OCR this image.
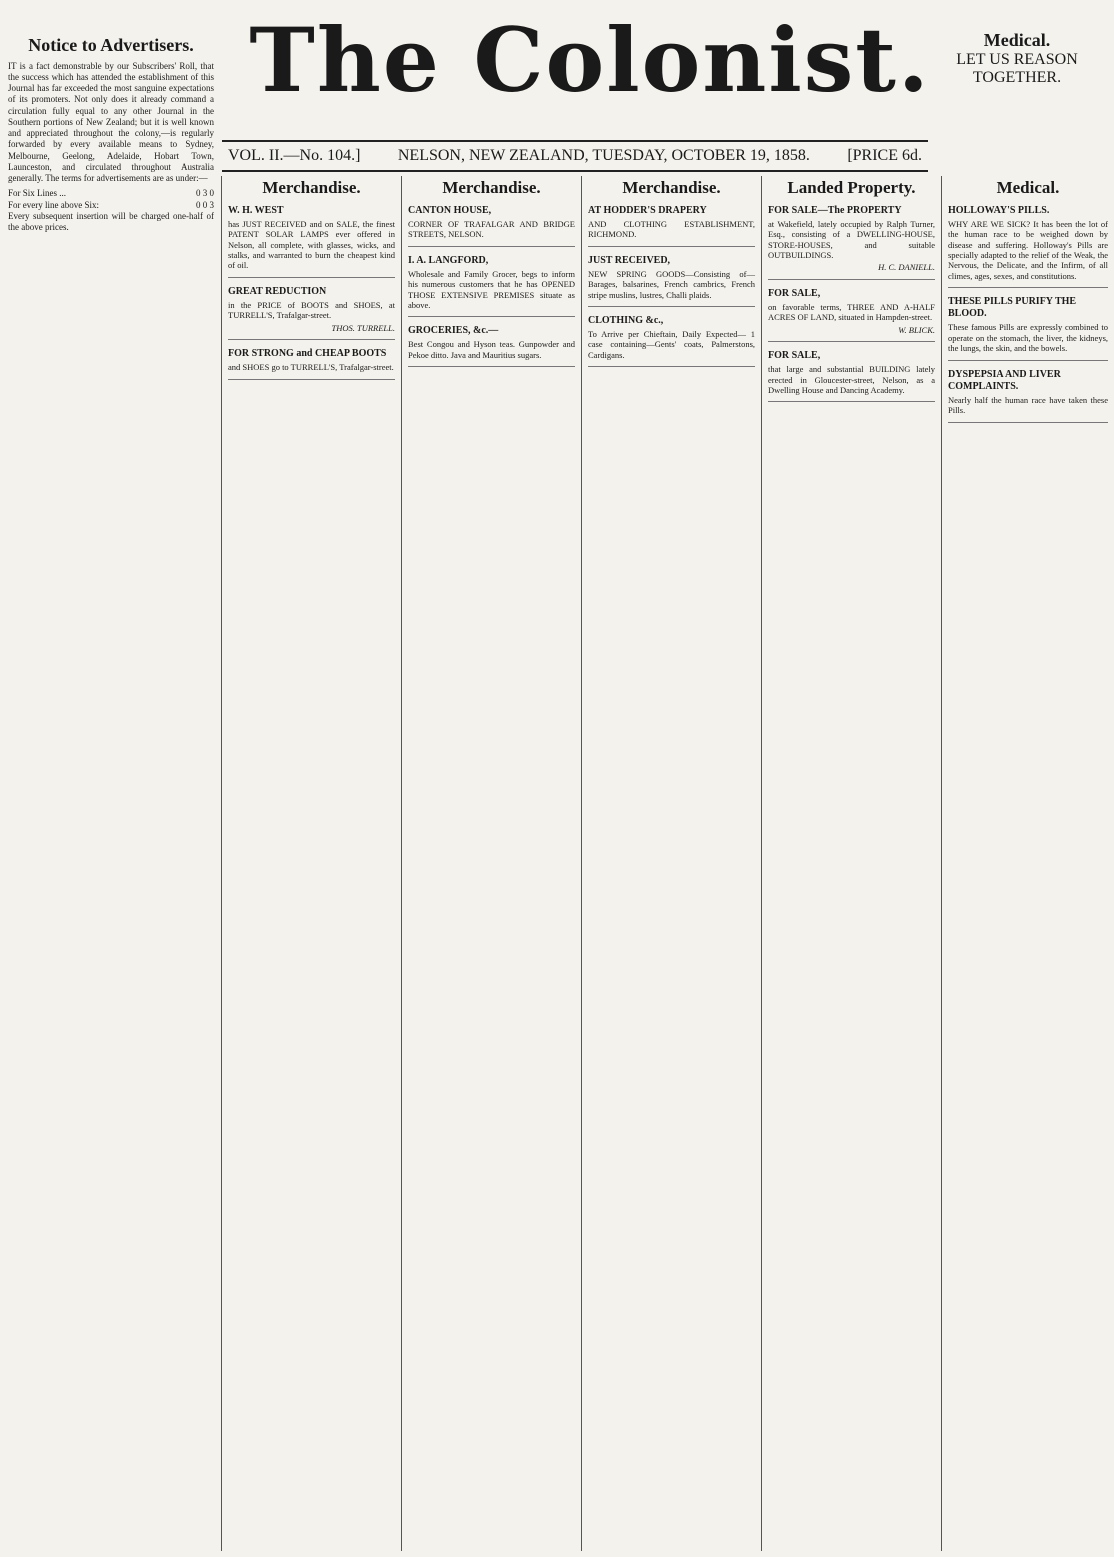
Notice to Advertisers.

IT is a fact demonstrable by our Subscribers' Roll, that the success which has attended the establishment of this Journal has far exceeded the most sanguine expectations of its promoters. Not only does it already command a circulation fully equal to any other Journal in the Southern portions of New Zealand; but it is well known and appreciated throughout the colony,—is regularly forwarded by every available means to Sydney, Melbourne, Geelong, Adelaide, Hobart Town, Launceston, and circulated throughout Australia generally. The terms for advertisements are as under:—

For Six Lines ...	0 3 0
For every line above Six:	0 0 3

Every subsequent insertion will be charged one-half of the above prices.

The Colonist.	Medical.
LET US REASON TOGETHER.
VOL. II.—No. 104.] NELSON, NEW ZEALAND, TUESDAY, OCTOBER 19, 1858. [PRICE 6d.
Merchandise.
W. H. WEST

has JUST RECEIVED and on SALE, the finest PATENT SOLAR LAMPS ever offered in Nelson, all complete, with glasses, wicks, and stalks, and warranted to burn the cheapest kind of oil.

GREAT REDUCTION

in the PRICE of BOOTS and SHOES, at TURRELL'S, Trafalgar-street.

THOS. TURRELL.
FOR STRONG and CHEAP BOOTS

and SHOES go to TURRELL'S, Trafalgar-street.

Merchandise.
CANTON HOUSE,

CORNER OF TRAFALGAR AND BRIDGE STREETS, NELSON.

I. A. LANGFORD,

Wholesale and Family Grocer, begs to inform his numerous customers that he has OPENED THOSE EXTENSIVE PREMISES situate as above.

GROCERIES, &c.—

Best Congou and Hyson teas. Gunpowder and Pekoe ditto. Java and Mauritius sugars.

Merchandise.
AT HODDER'S DRAPERY

AND CLOTHING ESTABLISHMENT, RICHMOND.

JUST RECEIVED,

NEW SPRING GOODS—Consisting of— Barages, balsarines, French cambrics, French stripe muslins, lustres, Challi plaids.

CLOTHING &c.,

To Arrive per Chieftain, Daily Expected— 1 case containing—Gents' coats, Palmerstons, Cardigans.

Landed Property.
FOR SALE—The PROPERTY

at Wakefield, lately occupied by Ralph Turner, Esq., consisting of a DWELLING-HOUSE, STORE-HOUSES, and suitable OUTBUILDINGS.

H. C. DANIELL.
FOR SALE,

on favorable terms, THREE AND A-HALF ACRES OF LAND, situated in Hampden-street.

W. BLICK.
FOR SALE,

that large and substantial BUILDING lately erected in Gloucester-street, Nelson, as a Dwelling House and Dancing Academy.

Medical.
HOLLOWAY'S PILLS.

WHY ARE WE SICK? It has been the lot of the human race to be weighed down by disease and suffering. Holloway's Pills are specially adapted to the relief of the Weak, the Nervous, the Delicate, and the Infirm, of all climes, ages, sexes, and constitutions.

THESE PILLS PURIFY THE BLOOD.

These famous Pills are expressly combined to operate on the stomach, the liver, the kidneys, the lungs, the skin, and the bowels.

DYSPEPSIA AND LIVER COMPLAINTS.

Nearly half the human race have taken these Pills.
